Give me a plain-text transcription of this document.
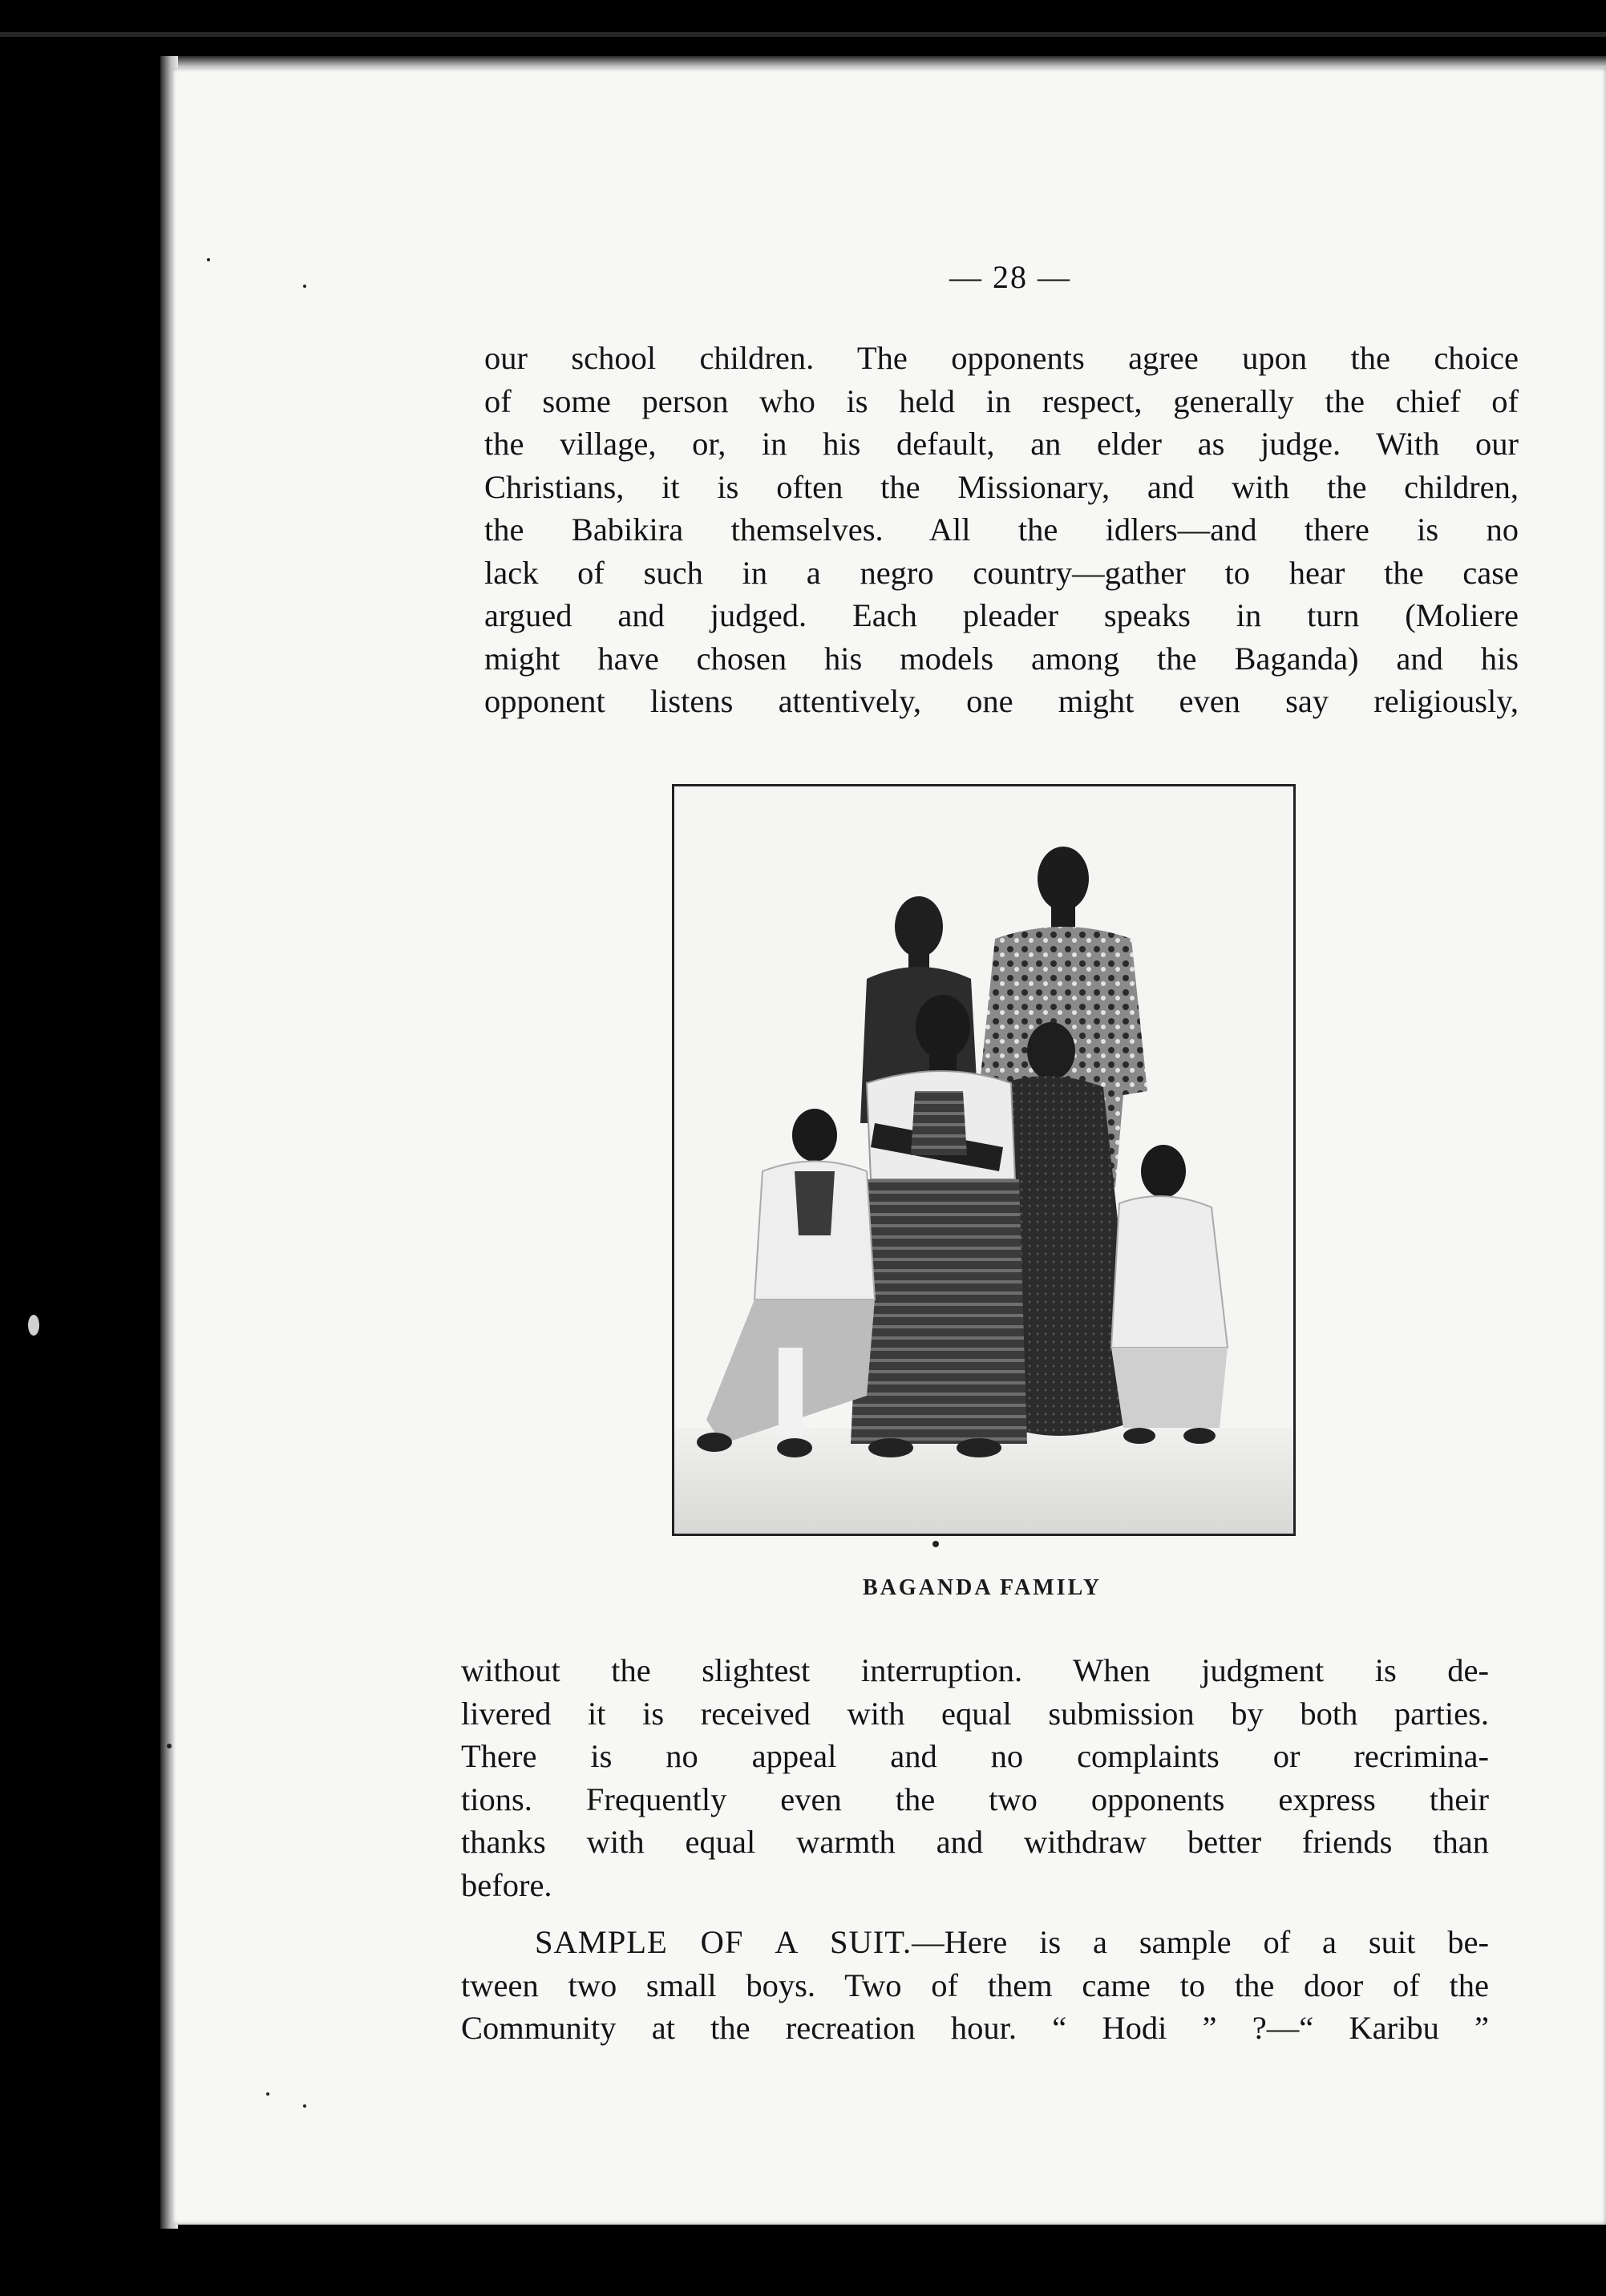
— 28 —
our school children. The opponents agree upon the choice
of some person who is held in respect, generally the chief of
the village, or, in his default, an elder as judge. With our
Christians, it is often the Missionary, and with the children,
the Babikira themselves. All the idlers—and there is no
lack of such in a negro country—gather to hear the case
argued and judged. Each pleader speaks in turn (Moliere
might have chosen his models among the Baganda) and his
opponent listens attentively, one might even say religiously,
BAGANDA FAMILY
without the slightest interruption. When judgment is de-
livered it is received with equal submission by both parties.
There is no appeal and no complaints or recrimina-
tions. Frequently even the two opponents express their
thanks with equal warmth and withdraw better friends than
before.
SAMPLE OF A SUIT.—Here is a sample of a suit be-
tween two small boys. Two of them came to the door of the
Community at the recreation hour. “ Hodi ” ?—“ Karibu ”
